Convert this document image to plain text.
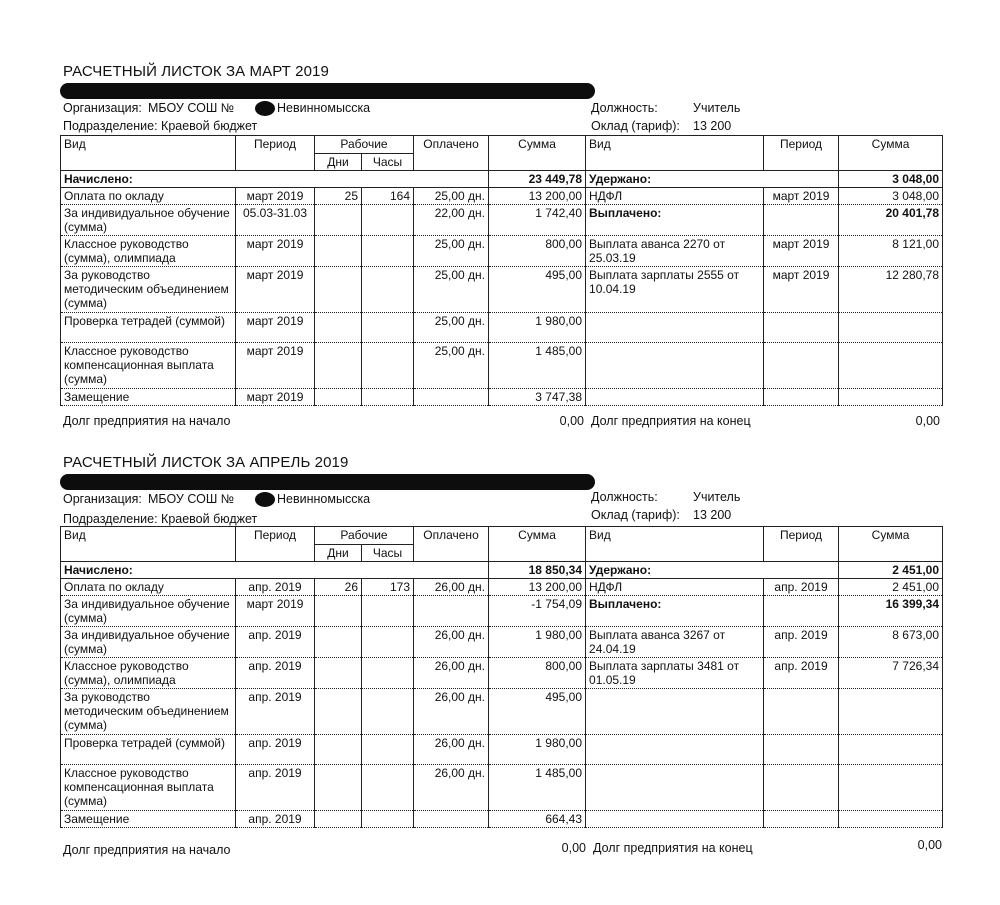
РАСЧЕТНЫЙ ЛИСТОК ЗА МАРТ 2019
Организация: МБОУ СОШ №	Невинномысска
Подразделение: Краевой бюджет
Должность:	Учитель
Оклад (тариф): 13 200
Вид	Период	Рабочие		Оплачено	Сумма	Вид	Период	Сумма
		Дни	Часы					
Начислено:					23 449,78	Удержано:		3 048,00
Оплата по окладу	март 2019	25	164	25,00 дн.	13 200,00	НДФЛ	март 2019	3 048,00
За индивидуальное обучение (сумма)	05.03-31.03			22,00 дн.	1 742,40	Выплачено:		20 401,78
Классное руководство (сумма), олимпиада	март 2019			25,00 дн.	800,00	Выплата аванса 2270 от 25.03.19	март 2019	8 121,00
За руководство методическим объединением (сумма)	март 2019			25,00 дн.	495,00	Выплата зарплаты 2555 от 10.04.19	март 2019	12 280,78
Проверка тетрадей (суммой)	март 2019			25,00 дн.	1 980,00			
Классное руководство компенсационная выплата (сумма)	март 2019			25,00 дн.	1 485,00			
Замещение	март 2019				3 747,38			
Долг предприятия на начало	0,00 Долг предприятия на конец	0,00
РАСЧЕТНЫЙ ЛИСТОК ЗА АПРЕЛЬ 2019
Организация: МБОУ СОШ №	Невинномысска
Подразделение: Краевой бюджет
Должность:	Учитель
Оклад (тариф): 13 200
Вид	Период	Рабочие		Оплачено	Сумма	Вид	Период	Сумма
		Дни	Часы					
Начислено:					18 850,34	Удержано:		2 451,00
Оплата по окладу	апр. 2019	26	173	26,00 дн.	13 200,00	НДФЛ	апр. 2019	2 451,00
За индивидуальное обучение (сумма)	март 2019				-1 754,09	Выплачено:		16 399,34
За индивидуальное обучение (сумма)	апр. 2019			26,00 дн.	1 980,00	Выплата аванса 3267 от 24.04.19	апр. 2019	8 673,00
Классное руководство (сумма), олимпиада	апр. 2019			26,00 дн.	800,00	Выплата зарплаты 3481 от 01.05.19	апр. 2019	7 726,34
За руководство методическим объединением (сумма)	апр. 2019			26,00 дн.	495,00			
Проверка тетрадей (суммой)	апр. 2019			26,00 дн.	1 980,00			
Классное руководство компенсационная выплата (сумма)	апр. 2019			26,00 дн.	1 485,00			
Замещение	апр. 2019				664,43			
Долг предприятия на начало	0,00 Долг предприятия на конец	0,00
